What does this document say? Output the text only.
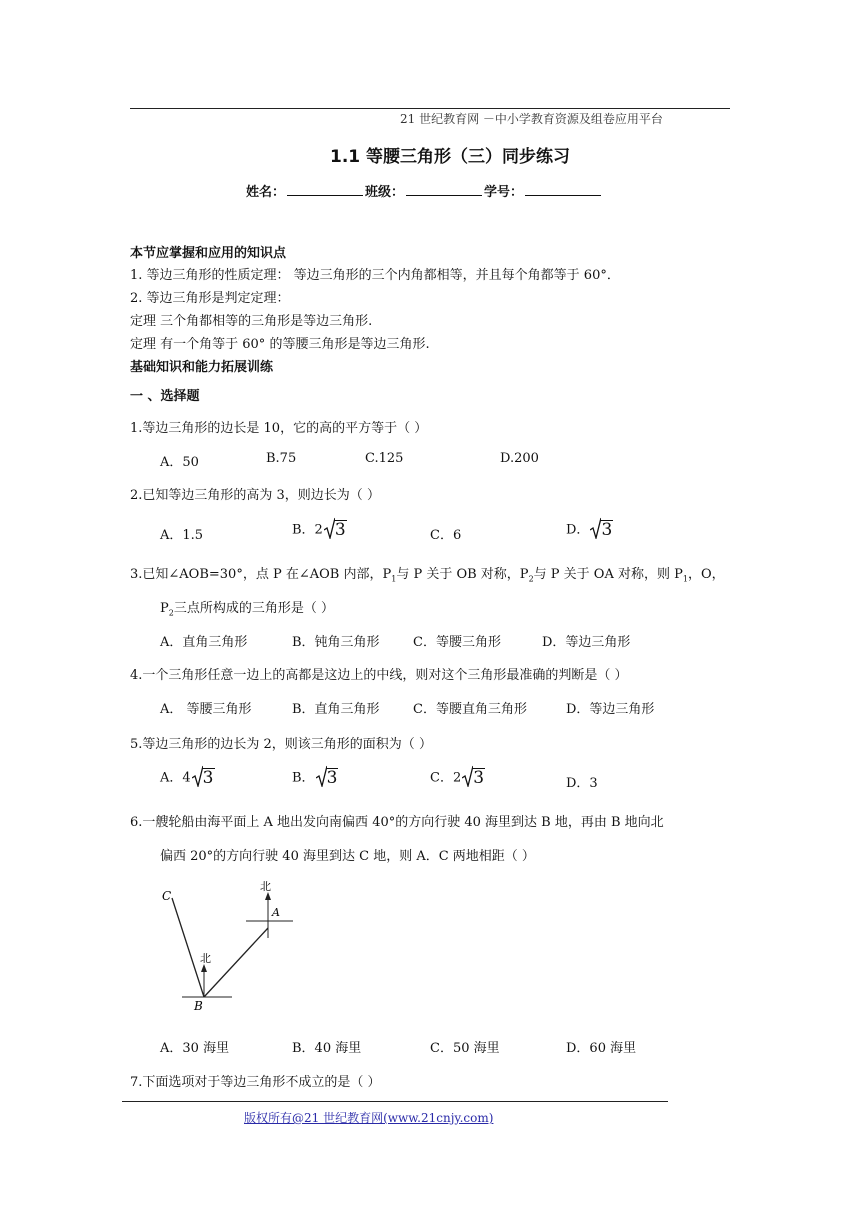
21 世纪教育网 －中小学教育资源及组卷应用平台
1.1 等腰三角形（三）同步练习
姓名：	班级：	学号：
本节应掌握和应用的知识点
1. 等边三角形的性质定理： 等边三角形的三个内角都相等，并且每个角都等于 60°．
2. 等边三角形是判定定理：
定理 三个角都相等的三角形是等边三角形.
定理 有一个角等于 60° 的等腰三角形是等边三角形.
基础知识和能力拓展训练
一 、选择题
1.等边三角形的边长是 10，它的高的平方等于（ ）
A．50	B.75	C.125	D.200
2.已知等边三角形的高为 3，则边长为（ ）
A．1.5	B．2 3	C．6	D． 3
3.已知∠AOB=30°，点 P 在∠AOB 内部，$P_1$与 P 关于 OB 对称，$P_2$与 P 关于 OA 对称，则 $P_1$，O，
$P_2$三点所构成的三角形是（ ）
A．直角三角形	B．钝角三角形	C．等腰三角形	D．等边三角形
4.一个三角形任意一边上的高都是这边上的中线，则对这个三角形最准确的判断是（ ）
A． 等腰三角形	B．直角三角形	C．等腰直角三角形	D．等边三角形
5.等边三角形的边长为 2，则该三角形的面积为（ ）
A．4 3	B． 3	C．2 3	D．3
6.一艘轮船由海平面上 A 地出发向南偏西 40°的方向行驶 40 海里到达 B 地，再由 B 地向北
偏西 20°的方向行驶 40 海里到达 C 地，则 A．C 两地相距（ ）
C
A
B
北
北
A．30 海里	B．40 海里	C．50 海里	D．60 海里
7.下面选项对于等边三角形不成立的是（ ）
版权所有@21 世纪教育网(www.21cnjy.com)
